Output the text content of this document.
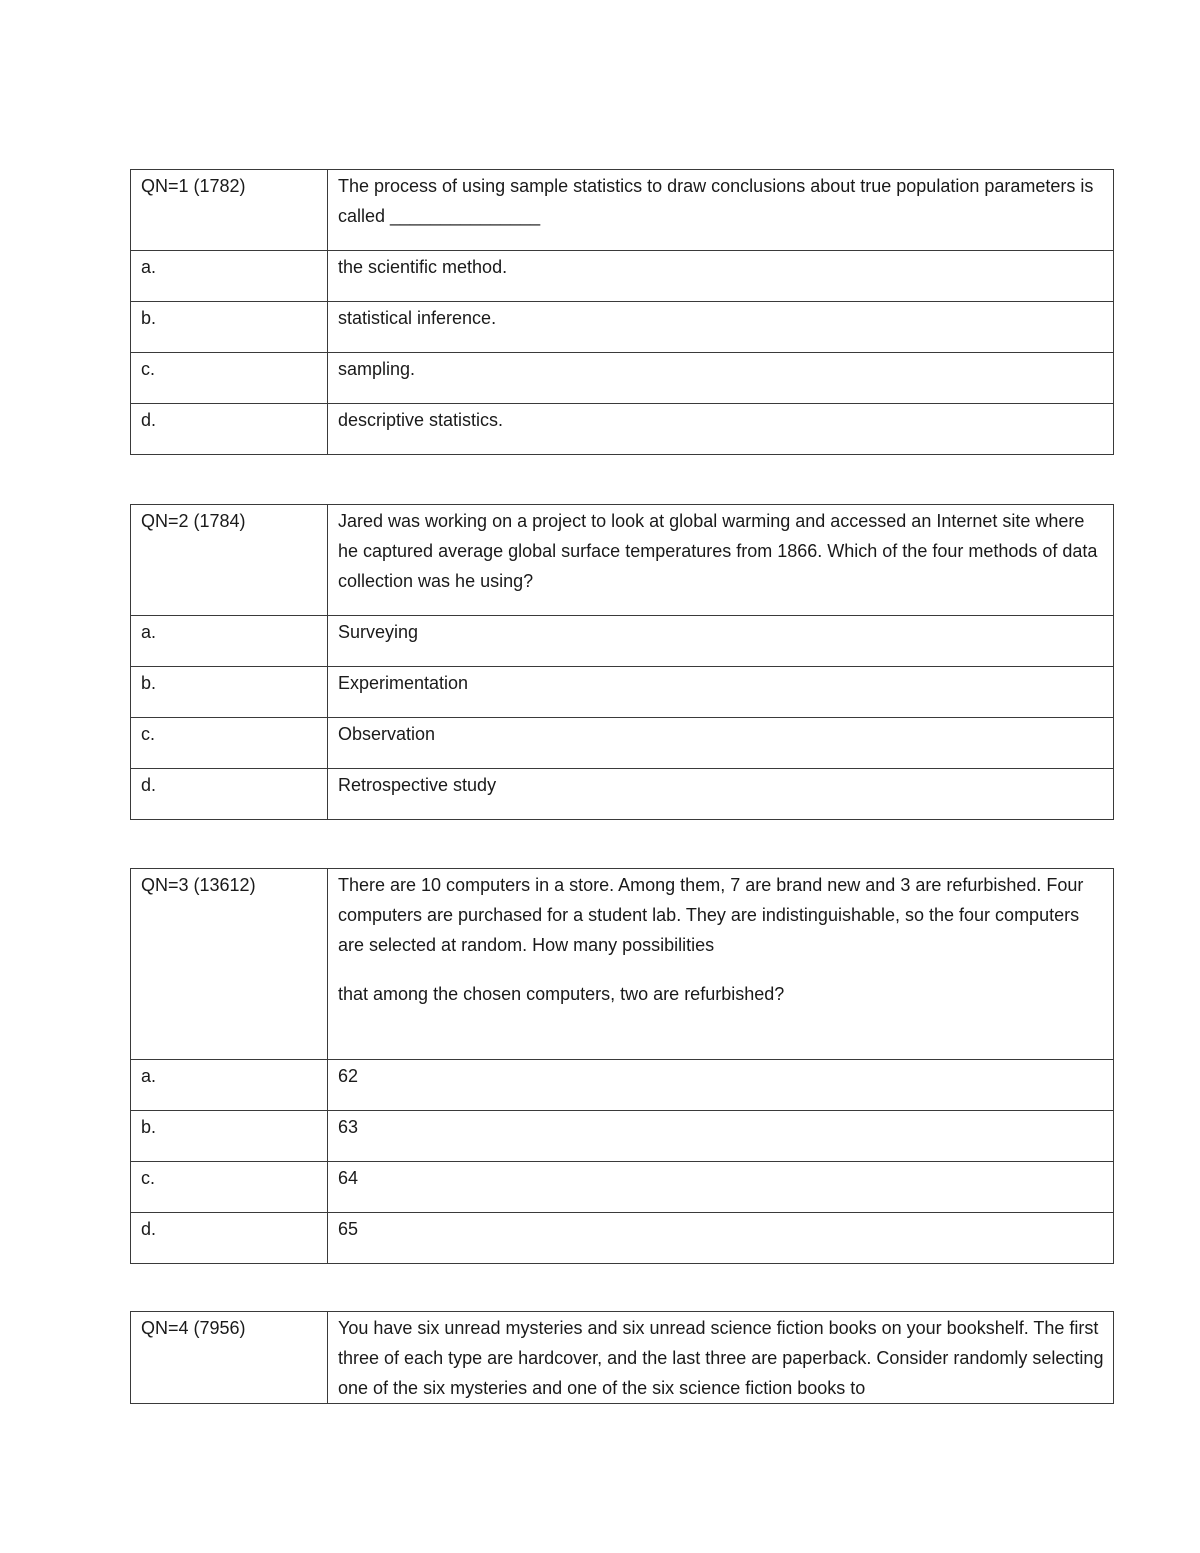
QN=1 (1782)	The process of using sample statistics to draw conclusions about true population parameters is called _______________

a.	the scientific method.
b.	statistical inference.
c.	sampling.
d.	descriptive statistics.
QN=2 (1784)	Jared was working on a project to look at global warming and accessed an Internet site where he captured average global surface temperatures from 1866. Which of the four methods of data collection was he using?

a.	Surveying
b.	Experimentation
c.	Observation
d.	Retrospective study
QN=3 (13612)	There are 10 computers in a store. Among them, 7 are brand new and 3 are refurbished. Four computers are purchased for a student lab. They are indistinguishable, so the four computers are selected at random. How many possibilities

that among the chosen computers, two are refurbished?

a.	62
b.	63
c.	64
d.	65
QN=4 (7956)	You have six unread mysteries and six unread science fiction books on your bookshelf. The first three of each type are hardcover, and the last three are paperback. Consider randomly selecting one of the six mysteries and one of the six science fiction books to
